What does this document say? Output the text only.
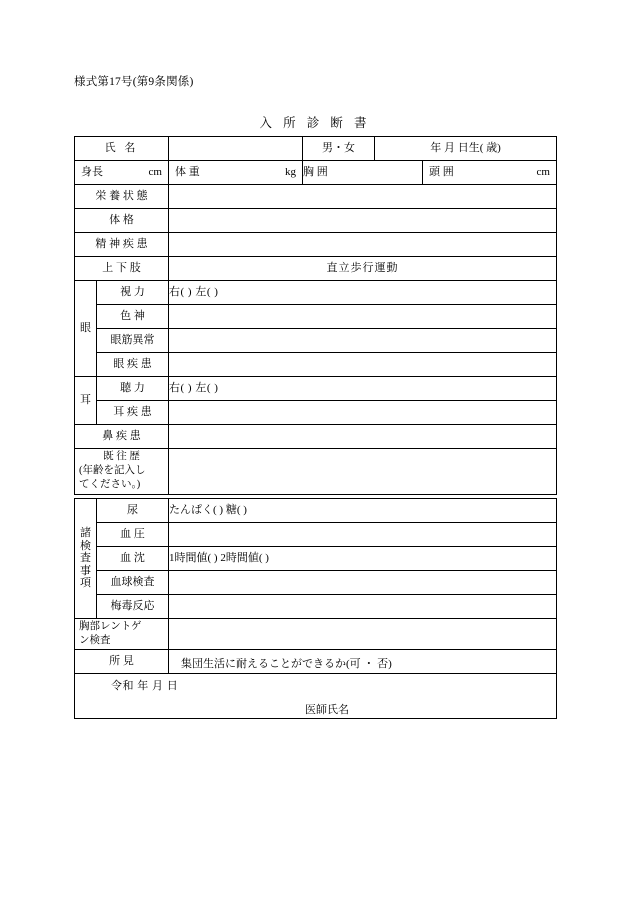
様式第17号(第9条関係)
入 所 診 断 書
氏 名			男・女	年 月 日生( 歳)	

身長 cm		体 重 kg	胸 囲		頭 囲 cm

栄 養 状 態					
体 格					
精 神 疾 患					
上 下 肢		直立歩行運動			

眼	視 力	右( ) 左( )			
	色 神				
	眼筋異常				
	眼 疾 患				

耳	聴 力	右( ) 左( )			
	耳 疾 患				
鼻 疾 患					

既 往 歴
(年齢を記入し
てください。)					

諸
検
査
事
項	尿	たんぱく( ) 糖( )
	血 圧	
	血 沈	1時間値( ) 2時間値( )
	血球検査	
	梅毒反応	

胸部レントゲ
ン検査		

所 見		集団生活に耐えることができるか(可 ・ 否)

令和 年 月 日
医師氏名		
